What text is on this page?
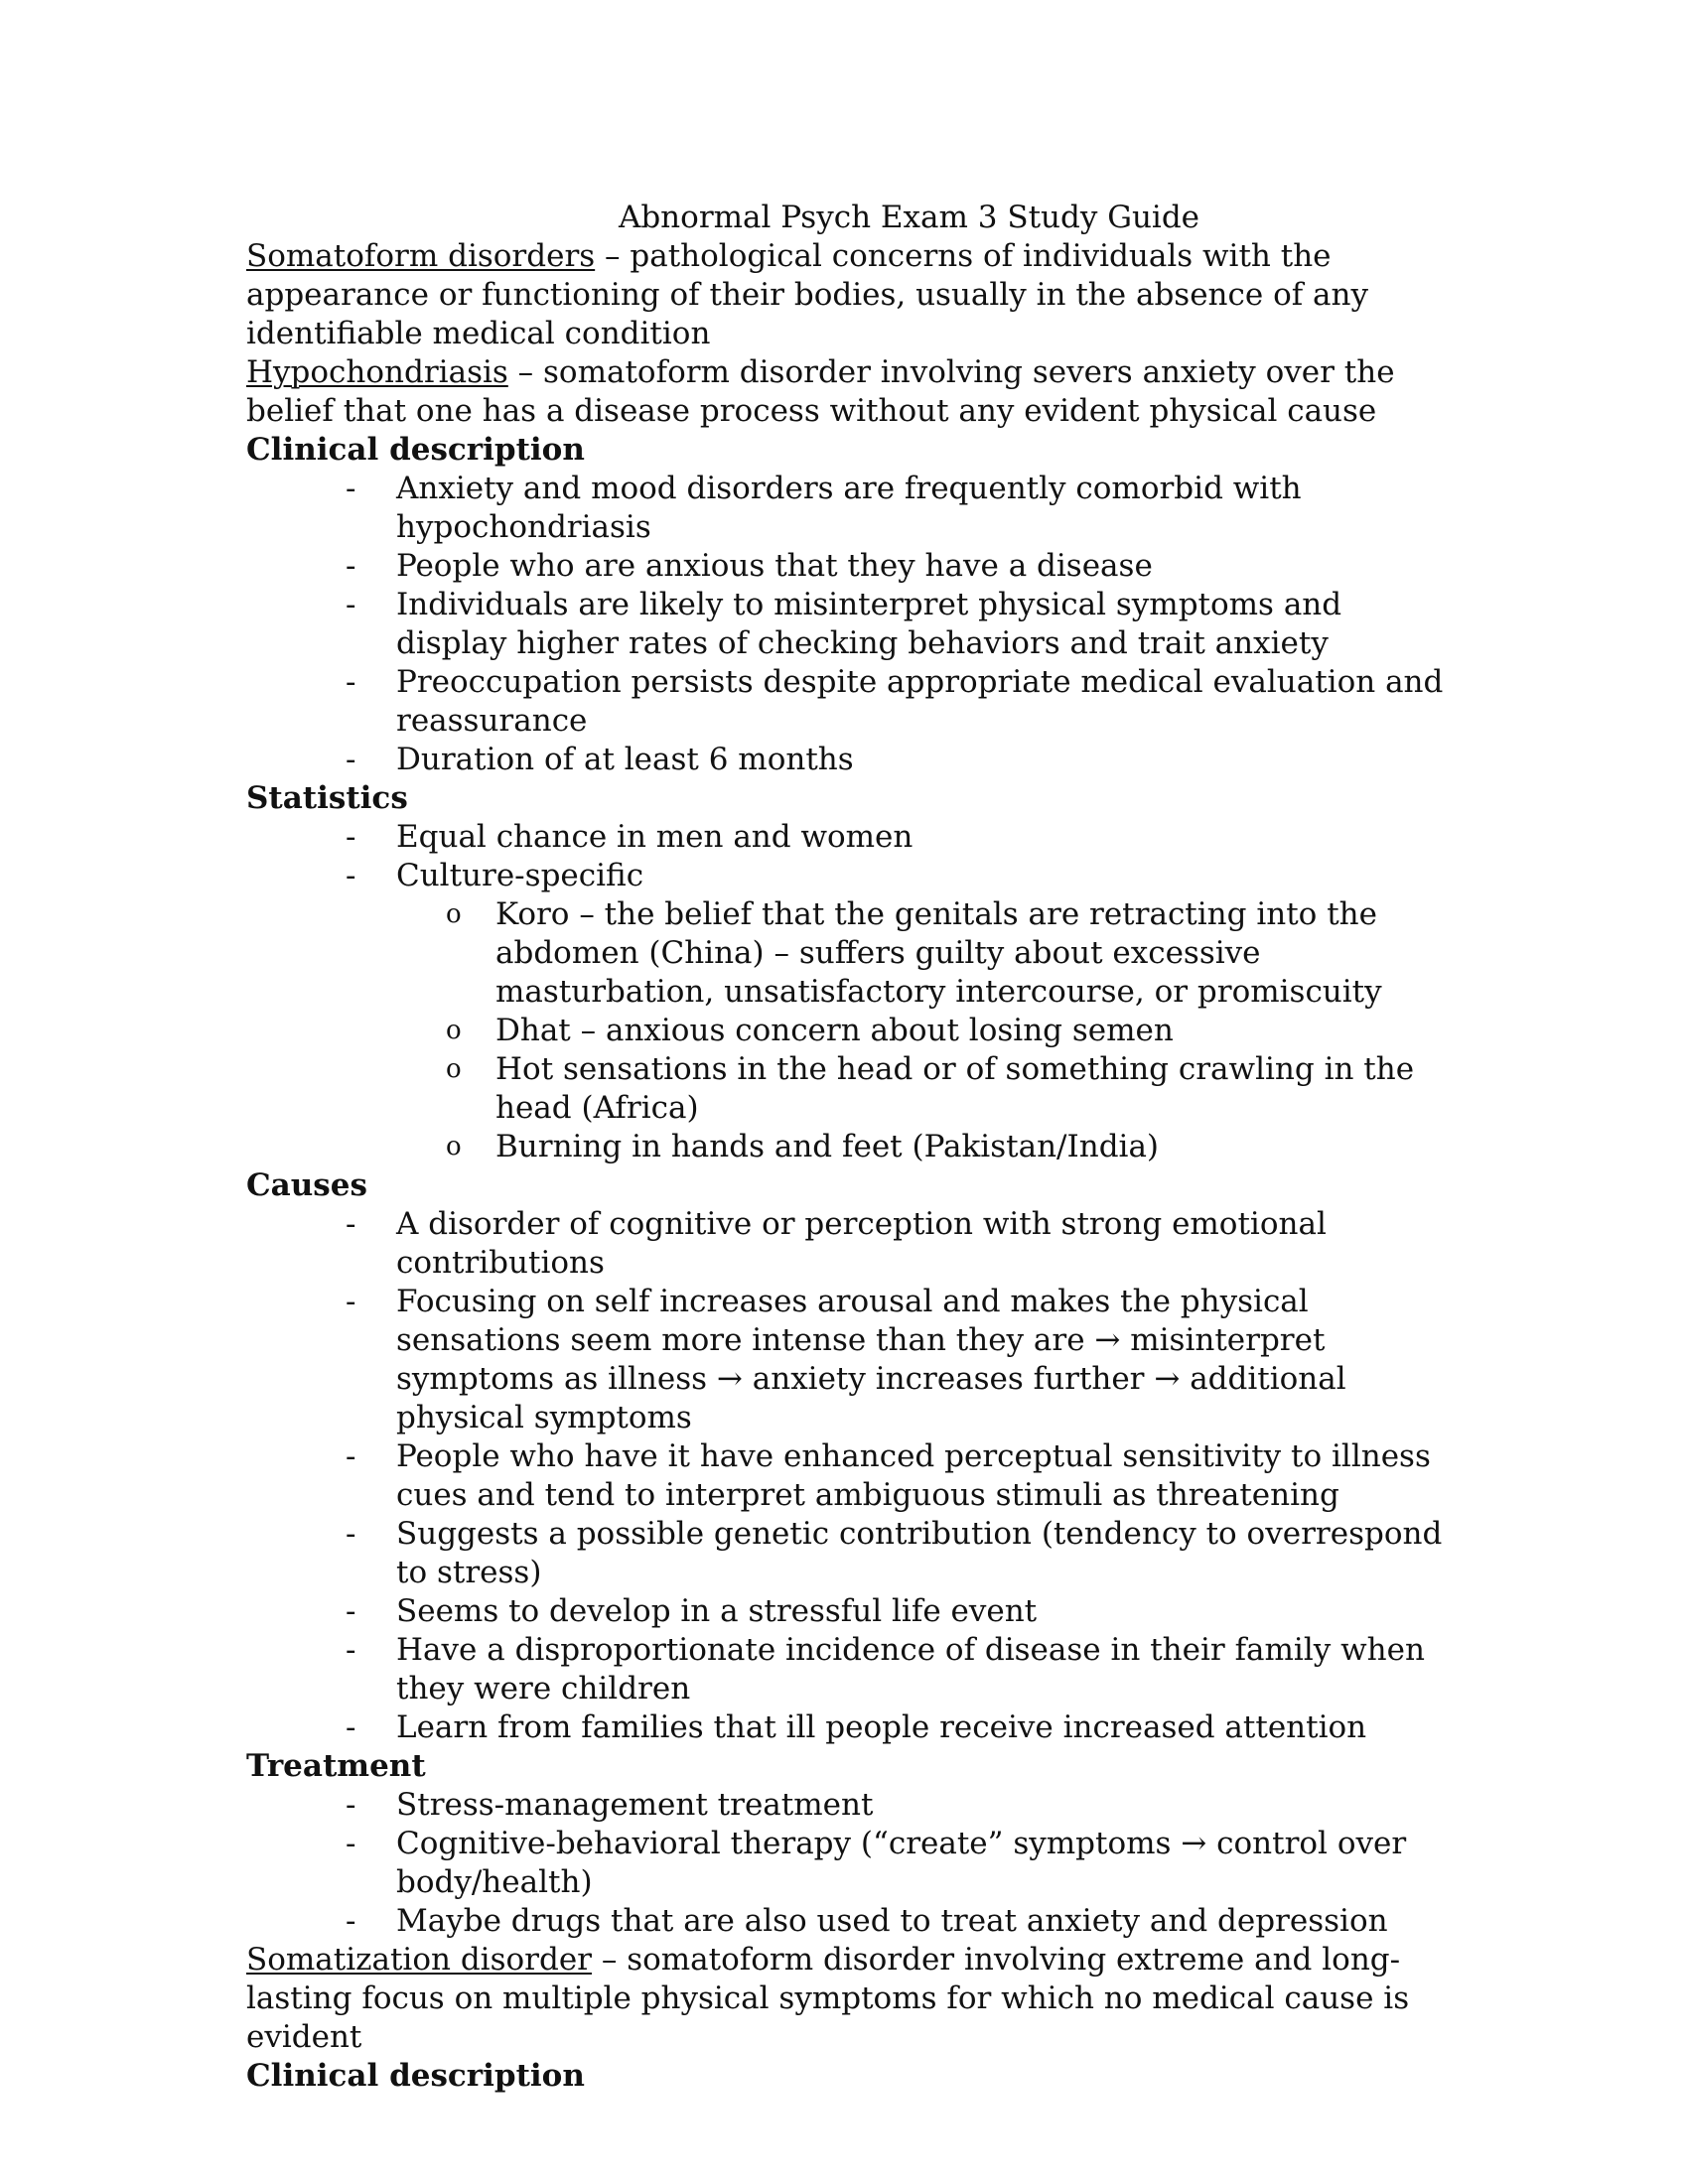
Abnormal Psych Exam 3 Study Guide

Somatoform disorders – pathological concerns of individuals with the appearance or functioning of their bodies, usually in the absence of any identifiable medical condition

Hypochondriasis – somatoform disorder involving severs anxiety over the belief that one has a disease process without any evident physical cause

Clinical description

- Anxiety and mood disorders are frequently comorbid with hypochondriasis
- People who are anxious that they have a disease
- Individuals are likely to misinterpret physical symptoms and display higher rates of checking behaviors and trait anxiety
- Preoccupation persists despite appropriate medical evaluation and reassurance
- Duration of at least 6 months

Statistics

- Equal chance in men and women
- Culture-specific
o Koro – the belief that the genitals are retracting into the abdomen (China) – suffers guilty about excessive masturbation, unsatisfactory intercourse, or promiscuity
o Dhat – anxious concern about losing semen
o Hot sensations in the head or of something crawling in the head (Africa)
o Burning in hands and feet (Pakistan/India)

Causes

- A disorder of cognitive or perception with strong emotional contributions
- Focusing on self increases arousal and makes the physical sensations seem more intense than they are → misinterpret symptoms as illness → anxiety increases further → additional physical symptoms
- People who have it have enhanced perceptual sensitivity to illness cues and tend to interpret ambiguous stimuli as threatening
- Suggests a possible genetic contribution (tendency to overrespond to stress)
- Seems to develop in a stressful life event
- Have a disproportionate incidence of disease in their family when they were children
- Learn from families that ill people receive increased attention

Treatment

- Stress-management treatment
- Cognitive-behavioral therapy (“create” symptoms → control over body/health)
- Maybe drugs that are also used to treat anxiety and depression

Somatization disorder – somatoform disorder involving extreme and long-lasting focus on multiple physical symptoms for which no medical cause is evident

Clinical description
